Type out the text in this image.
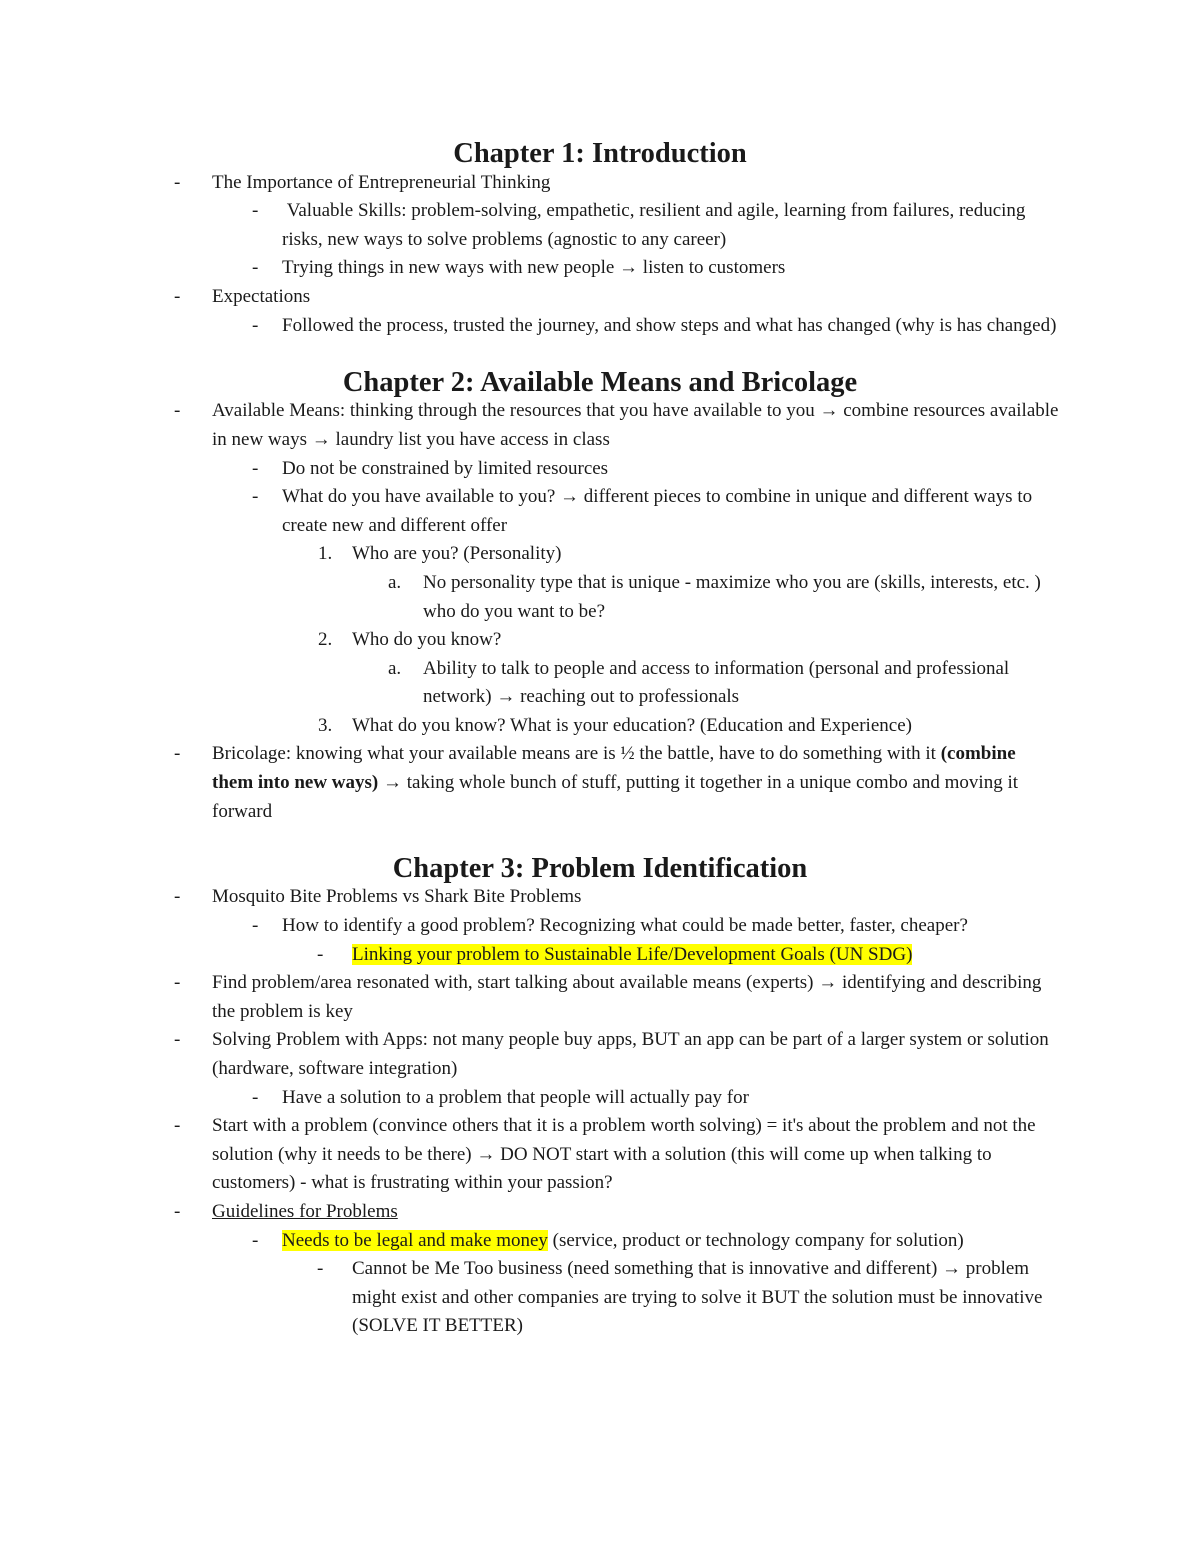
Chapter 1: Introduction
- The Importance of Entrepreneurial Thinking
- Valuable Skills: problem-solving, empathetic, resilient and agile, learning from failures, reducing risks, new ways to solve problems (agnostic to any career)
- Trying things in new ways with new people → listen to customers
- Expectations
- Followed the process, trusted the journey, and show steps and what has changed (why is has changed)
Chapter 2: Available Means and Bricolage
- Available Means: thinking through the resources that you have available to you → combine resources available in new ways → laundry list you have access in class
- Do not be constrained by limited resources
- What do you have available to you? → different pieces to combine in unique and different ways to create new and different offer
1. Who are you? (Personality)
a. No personality type that is unique - maximize who you are (skills, interests, etc. ) who do you want to be?
2. Who do you know?
a. Ability to talk to people and access to information (personal and professional network) → reaching out to professionals
3. What do you know? What is your education? (Education and Experience)
- Bricolage: knowing what your available means are is ½ the battle, have to do something with it (combine them into new ways) → taking whole bunch of stuff, putting it together in a unique combo and moving it forward
Chapter 3: Problem Identification
- Mosquito Bite Problems vs Shark Bite Problems
- How to identify a good problem? Recognizing what could be made better, faster, cheaper?
- Linking your problem to Sustainable Life/Development Goals (UN SDG)
- Find problem/area resonated with, start talking about available means (experts) → identifying and describing the problem is key
- Solving Problem with Apps: not many people buy apps, BUT an app can be part of a larger system or solution (hardware, software integration)
- Have a solution to a problem that people will actually pay for
- Start with a problem (convince others that it is a problem worth solving) = it's about the problem and not the solution (why it needs to be there) → DO NOT start with a solution (this will come up when talking to customers) - what is frustrating within your passion?
- Guidelines for Problems
- Needs to be legal and make money (service, product or technology company for solution)
- Cannot be Me Too business (need something that is innovative and different) → problem might exist and other companies are trying to solve it BUT the solution must be innovative (SOLVE IT BETTER)
